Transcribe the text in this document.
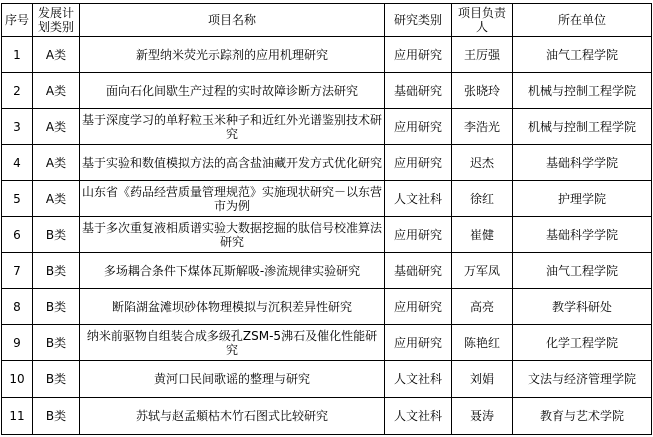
序号	发展计划类别	项目名称	研究类别	项目负责人	所在单位
1	A类	新型纳米荧光示踪剂的应用机理研究	应用研究	王厉强	油气工程学院
2	A类	面向石化间歇生产过程的实时故障诊断方法研究	基础研究	张晓玲	机械与控制工程学院
3	A类	基于深度学习的单籽粒玉米种子和近红外光谱鉴别技术研究	应用研究	李浩光	机械与控制工程学院
4	A类	基于实验和数值模拟方法的高含盐油藏开发方式优化研究	应用研究	迟杰	基础科学学院
5	A类	山东省《药品经营质量管理规范》实施现状研究－以东营市为例	人文社科	徐红	护理学院
6	B类	基于多次重复液相质谱实验大数据挖掘的肽信号校准算法研究	应用研究	崔健	基础科学学院
7	B类	多场耦合条件下煤体瓦斯解吸-渗流规律实验研究	基础研究	万军凤	油气工程学院
8	B类	断陷湖盆滩坝砂体物理模拟与沉积差异性研究	应用研究	高亮	教学科研处
9	B类	纳米前驱物自组装合成多级孔ZSM-5沸石及催化性能研究	应用研究	陈艳红	化学工程学院
10	B类	黄河口民间歌谣的整理与研究	人文社科	刘娟	文法与经济管理学院
11	B类	苏轼与赵孟頫枯木竹石图式比较研究	人文社科	聂涛	教育与艺术学院
